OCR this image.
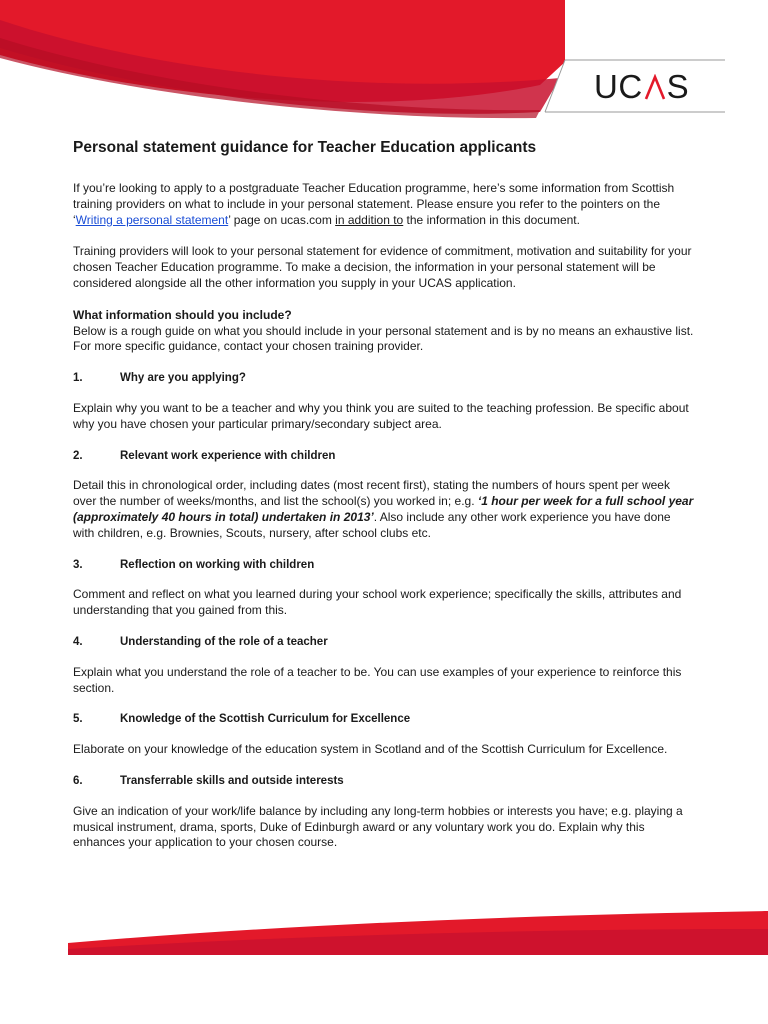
UC S
Personal statement guidance for Teacher Education applicants

If you’re looking to apply to a postgraduate Teacher Education programme, here’s some information from Scottish training providers on what to include in your personal statement. Please ensure you refer to the pointers on the ‘Writing a personal statement’ page on ucas.com in addition to the information in this document.

Training providers will look to your personal statement for evidence of commitment, motivation and suitability for your chosen Teacher Education programme. To make a decision, the information in your personal statement will be considered alongside all the other information you supply in your UCAS application.

What information should you include?

Below is a rough guide on what you should include in your personal statement and is by no means an exhaustive list. For more specific guidance, contact your chosen training provider.

1.	Why are you applying?

Explain why you want to be a teacher and why you think you are suited to the teaching profession. Be specific about why you have chosen your particular primary/secondary subject area.

2.	Relevant work experience with children

Detail this in chronological order, including dates (most recent first), stating the numbers of hours spent per week over the number of weeks/months, and list the school(s) you worked in; e.g. ‘1 hour per week for a full school year (approximately 40 hours in total) undertaken in 2013’. Also include any other work experience you have done with children, e.g. Brownies, Scouts, nursery, after school clubs etc.

3.	Reflection on working with children

Comment and reflect on what you learned during your school work experience; specifically the skills, attributes and understanding that you gained from this.

4.	Understanding of the role of a teacher

Explain what you understand the role of a teacher to be. You can use examples of your experience to reinforce this section.

5.	Knowledge of the Scottish Curriculum for Excellence

Elaborate on your knowledge of the education system in Scotland and of the Scottish Curriculum for Excellence.

6.	Transferrable skills and outside interests

Give an indication of your work/life balance by including any long-term hobbies or interests you have; e.g. playing a musical instrument, drama, sports, Duke of Edinburgh award or any voluntary work you do. Explain why this enhances your application to your chosen course.
